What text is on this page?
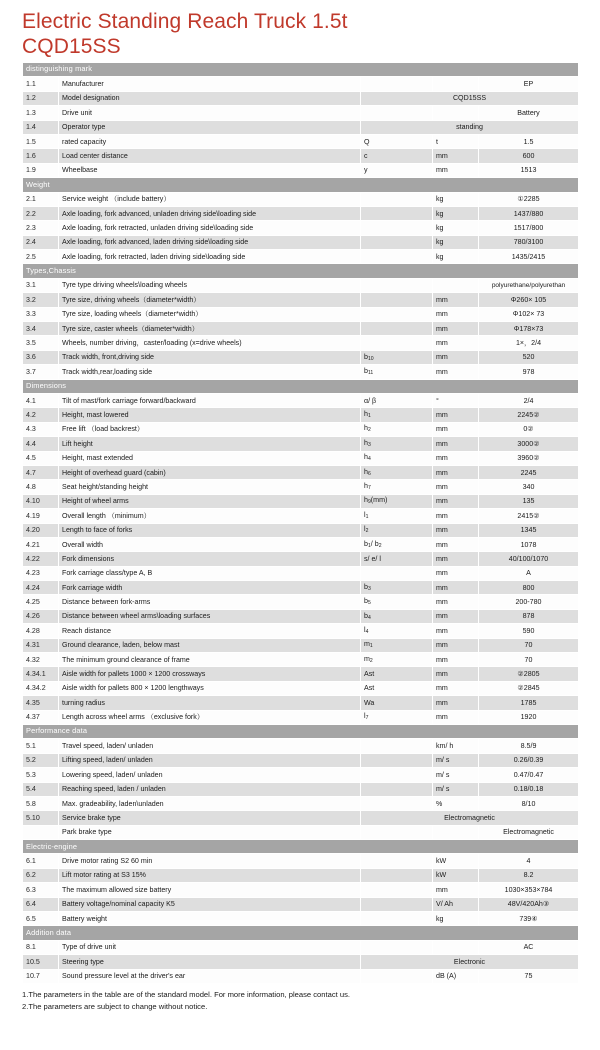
Electric Standing Reach Truck 1.5t
CQD15SS
distinguishing mark				
1.1	Manufacturer			EP
1.2	Model designation	CQD15SS		
1.3	Drive unit			Battery
1.4	Operator type	standing		
1.5	rated capacity	Q	t	1.5
1.6	Load center distance	c	mm	600
1.9	Wheelbase	y	mm	1513
Weight				
2.1	Service weight （include battery）		kg	①2285
2.2	Axle loading, fork advanced, unladen driving side\loading side		kg	1437/880
2.3	Axle loading, fork retracted, unladen driving side\loading side		kg	1517/800
2.4	Axle loading, fork advanced, laden driving side\loading side		kg	780/3100
2.5	Axle loading, fork retracted, laden driving side\loading side		kg	1435/2415
Types,Chassis				
3.1	Tyre type driving wheels\loading wheels			polyurethane/polyurethan
3.2	Tyre size, driving wheels（diameter*width）		mm	Φ260× 105
3.3	Tyre size, loading wheels（diameter*width）		mm	Φ102× 73
3.4	Tyre size, caster wheels（diameter*width）		mm	Φ178×73
3.5	Wheels, number driving，caster/loading (x=drive wheels)		mm	1×，2/4
3.6	Track width, front,driving side	$b_{10}$	mm	520
3.7	Track width,rear,loading side	$b_{11}$	mm	978
Dimensions				
4.1	Tilt of mast/fork carriage forward/backward	α/ β	°	2/4
4.2	Height, mast lowered	$h_1$	mm	2245②
4.3	Free lift （load backrest）	$h_2$	mm	0②
4.4	Lift height	$h_3$	mm	3000②
4.5	Height, mast extended	$h_4$	mm	3960②
4.7	Height of overhead guard (cabin)	$h_6$	mm	2245
4.8	Seat height/standing height	$h_7$	mm	340
4.10	Height of wheel arms	$h_9(mm)$	mm	135
4.19	Overall length （minimum）	$l_1$	mm	2415②
4.20	Length to face of forks	$l_2$	mm	1345
4.21	Overall width	$b_1/$ $b_2$	mm	1078
4.22	Fork dimensions	s/ e/ l	mm	40/100/1070
4.23	Fork carriage class/type A, B		mm	A
4.24	Fork carriage width	$b_3$	mm	800
4.25	Distance between fork-arms	$b_5$	mm	200-780
4.26	Distance between wheel arms\loading surfaces	$b_4$	mm	878
4.28	Reach distance	$l_4$	mm	590
4.31	Ground clearance, laden, below mast	$m_1$	mm	70
4.32	The minimum ground clearance of frame	$m_2$	mm	70
4.34.1	Aisle width for pallets 1000 × 1200 crossways	Ast	mm	②2805
4.34.2	Aisle width for pallets 800 × 1200 lengthways	Ast	mm	②2845
4.35	turning radius	Wa	mm	1785
4.37	Length across wheel arms （exclusive fork）	$l_7$	mm	1920
Performance data				
5.1	Travel speed, laden/ unladen		km/ h	8.5/9
5.2	Lifting speed, laden/ unladen		m/ s	0.26/0.39
5.3	Lowering speed, laden/ unladen		m/ s	0.47/0.47
5.4	Reaching speed, laden / unladen		m/ s	0.18/0.18
5.8	Max. gradeability, laden\unladen		%	8/10
5.10	Service brake type	Electromagnetic		
	Park brake type			Electromagnetic
Electric-engine				
6.1	Drive motor rating S2 60 min		kW	4
6.2	Lift motor rating at S3 15%		kW	8.2
6.3	The maximum allowed size battery		mm	1030×353×784
6.4	Battery voltage/nominal capacity K5		V/ Ah	48V/420Ah③
6.5	Battery weight		kg	739④
Addition data				
8.1	Type of drive unit			AC
10.5	Steering type	Electronic		
10.7	Sound pressure level at the driver's ear		dB (A)	75
1.The parameters in the table are of the standard model. For more information, please contact us.
2.The parameters are subject to change without notice.
